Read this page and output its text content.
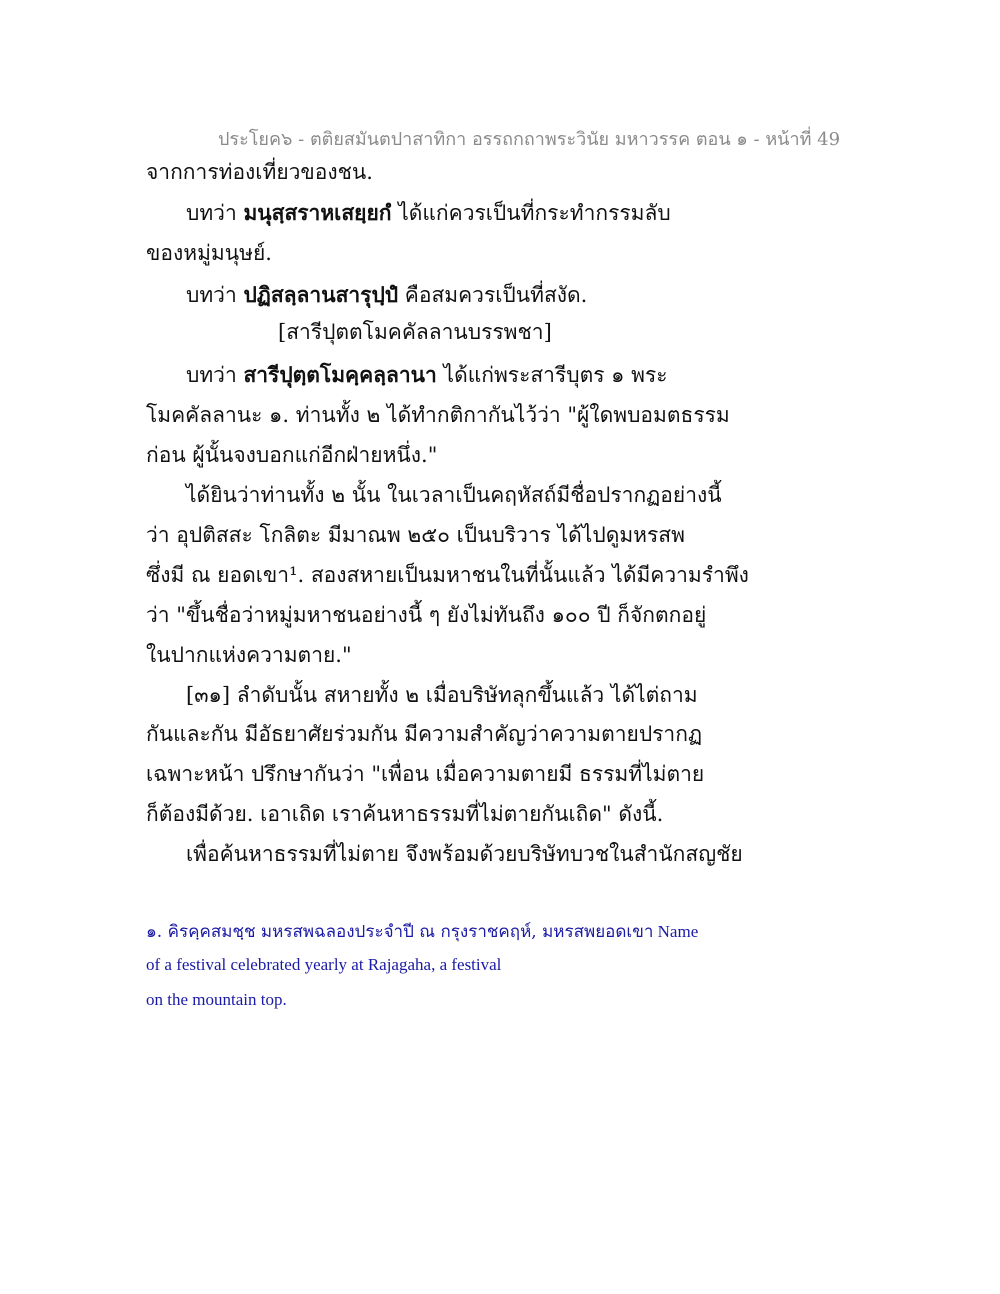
ประโยค๖ - ตติยสมันตปาสาทิกา อรรถกถาพระวินัย มหาวรรค ตอน ๑ - หน้าที่ 49
จากการท่องเที่ยวของชน.
บทว่า มนุสฺสราหเสยฺยกํ ได้แก่ควรเป็นที่กระทำกรรมลับ
ของหมู่มนุษย์.
บทว่า ปฏิสลฺลานสารุปฺปํ คือสมควรเป็นที่สงัด.
[สารีปุตตโมคคัลลานบรรพชา]
บทว่า สารีปุตฺตโมคฺคลฺลานา ได้แก่พระสารีบุตร ๑ พระ
โมคคัลลานะ ๑. ท่านทั้ง ๒ ได้ทำกติกากันไว้ว่า "ผู้ใดพบอมตธรรม
ก่อน ผู้นั้นจงบอกแก่อีกฝ่ายหนึ่ง."
ได้ยินว่าท่านทั้ง ๒ นั้น ในเวลาเป็นคฤหัสถ์มีชื่อปรากฏอย่างนี้
ว่า อุปติสสะ โกลิตะ มีมาณพ ๒๕๐ เป็นบริวาร ได้ไปดูมหรสพ
ซึ่งมี ณ ยอดเขา¹. สองสหายเป็นมหาชนในที่นั้นแล้ว ได้มีความรำพึง
ว่า "ขึ้นชื่อว่าหมู่มหาชนอย่างนี้ ๆ ยังไม่ทันถึง ๑๐๐ ปี ก็จักตกอยู่
ในปากแห่งความตาย."
[๓๑] ลำดับนั้น สหายทั้ง ๒ เมื่อบริษัทลุกขึ้นแล้ว ได้ไต่ถาม
กันและกัน มีอัธยาศัยร่วมกัน มีความสำคัญว่าความตายปรากฏ
เฉพาะหน้า ปรึกษากันว่า "เพื่อน เมื่อความตายมี ธรรมที่ไม่ตาย
ก็ต้องมีด้วย. เอาเถิด เราค้นหาธรรมที่ไม่ตายกันเถิด" ดังนี้.
เพื่อค้นหาธรรมที่ไม่ตาย จึงพร้อมด้วยบริษัทบวชในสำนักสญชัย
๑. คิรคฺคสมชฺช มหรสพฉลองประจำปี ณ กรุงราชคฤห์, มหรสพยอดเขา Name
of a festival celebrated yearly at Rajagaha, a festival
on the mountain top.
